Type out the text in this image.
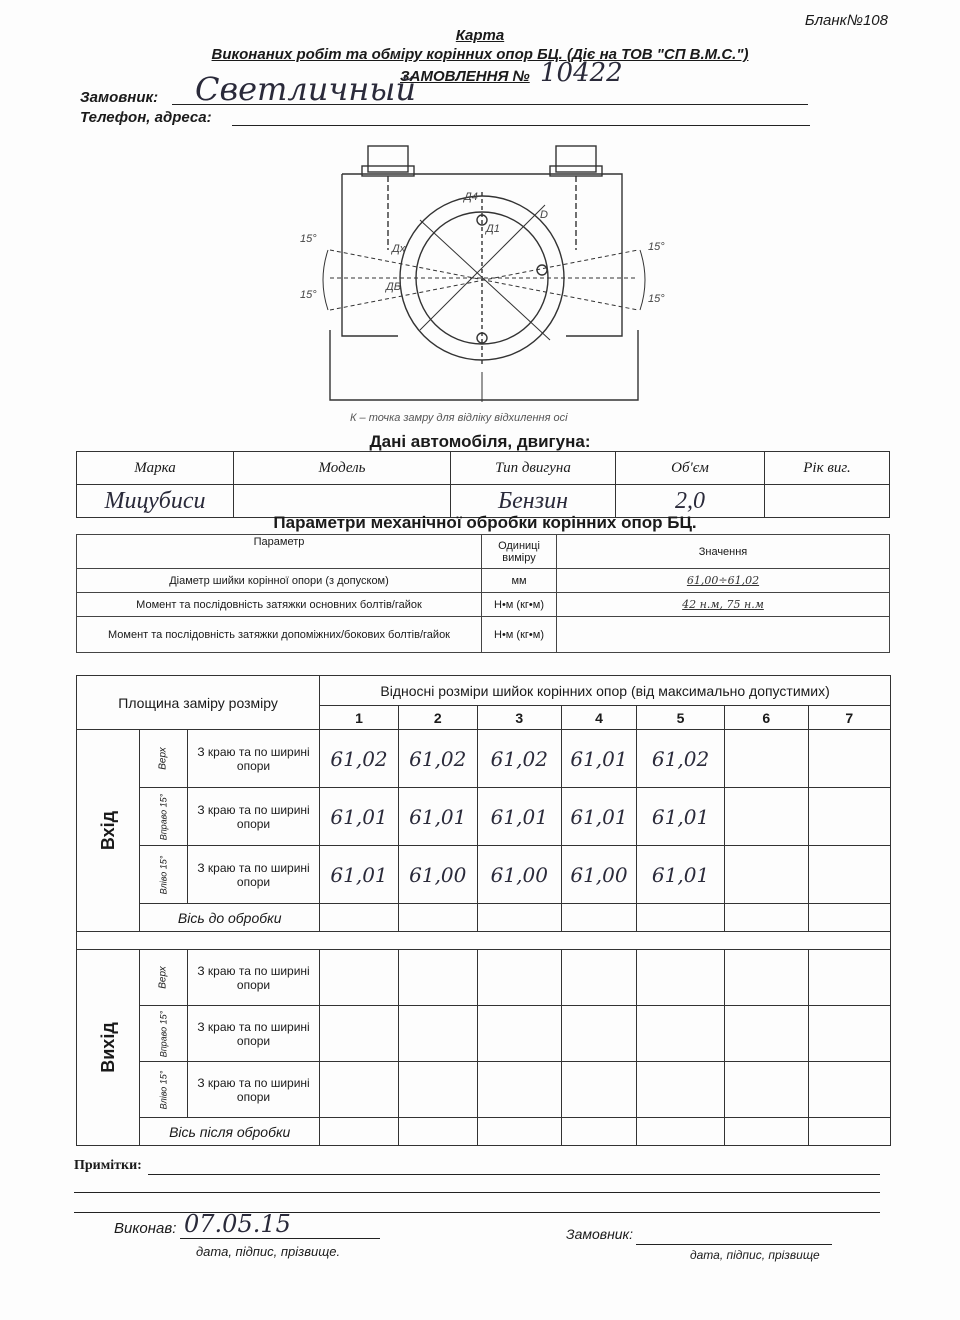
Бланк№108
Карта
Виконаних робіт та обміру корінних опор БЦ. (Діє на ТОВ "СП В.М.С.")
ЗАМОВЛЕННЯ № 10422
Замовник: Светличный
Телефон, адреса:
15°
15°
15°
15°
Д4
D
Д1
ДВ
Дх
К – точка замру для відліку відхилення осі
Дані автомобіля, двигуна:
Марка	Модель	Тип двигуна	Об'єм	Рік виг.
Мицубиси		Бензин	2,0	
Параметри механічної обробки корінних опор БЦ.
Параметр	Одиниці виміру	Значення
Діаметр шийки корінної опори (з допуском)	мм	61,00÷61,02
Момент та послідовність затяжки основних болтів/гайок	Н•м (кг•м)	42 н.м, 75 н.м
Момент та послідовність затяжки допоміжних/бокових болтів/гайок	Н•м (кг•м)	
Площина заміру розміру			Відносні розміри шийок корінних опор (від максимально допустимих)						
			1	2	3	4	5	6	7
Вхід	Верх	З краю та по ширині опори	61,02	61,02	61,02	61,01	61,02		
	Вправо 15°	З краю та по ширині опори	61,01	61,01	61,01	61,01	61,01		
	Вліво 15°	З краю та по ширині опори	61,01	61,00	61,00	61,00	61,01		
	Вісь до обробки								

Вихід	Верх	З краю та по ширині опори							
	Вправо 15°	З краю та по ширині опори							
	Вліво 15°	З краю та по ширині опори							
	Вісь після обробки								
Примітки:
Виконав: 07.05.15
дата, підпис, прізвище.
Замовник:
дата, підпис, прізвище
